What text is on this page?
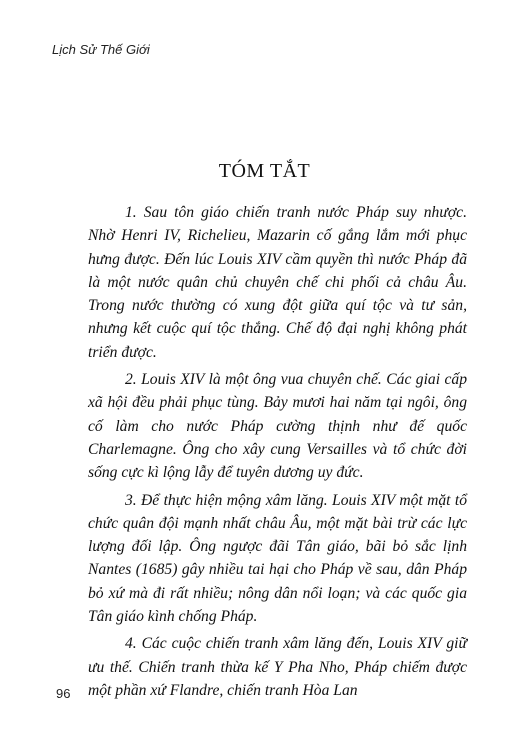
Lịch Sử Thế Giới
TÓM TẮT

1. Sau tôn giáo chiến tranh nước Pháp suy nhược. Nhờ Henri IV, Richelieu, Mazarin cố gắng lắm mới phục hưng được. Đến lúc Louis XIV cầm quyền thì nước Pháp đã là một nước quân chủ chuyên chế chi phối cả châu Âu. Trong nước thường có xung đột giữa quí tộc và tư sản, nhưng kết cuộc quí tộc thắng. Chế độ đại nghị không phát triển được.

2. Louis XIV là một ông vua chuyên chế. Các giai cấp xã hội đều phải phục tùng. Bảy mươi hai năm tại ngôi, ông cố làm cho nước Pháp cường thịnh như đế quốc Charlemagne. Ông cho xây cung Versailles và tổ chức đời sống cực kì lộng lẫy để tuyên dương uy đức.

3. Để thực hiện mộng xâm lăng. Louis XIV một mặt tổ chức quân đội mạnh nhất châu Âu, một mặt bài trừ các lực lượng đối lập. Ông ngược đãi Tân giáo, bãi bỏ sắc lịnh Nantes (1685) gây nhiều tai hại cho Pháp về sau, dân Pháp bỏ xứ mà đi rất nhiều; nông dân nổi loạn; và các quốc gia Tân giáo kình chống Pháp.

4. Các cuộc chiến tranh xâm lăng đến, Louis XIV giữ ưu thế. Chiến tranh thừa kế Y Pha Nho, Pháp chiếm được một phần xứ Flandre, chiến tranh Hòa Lan

96
